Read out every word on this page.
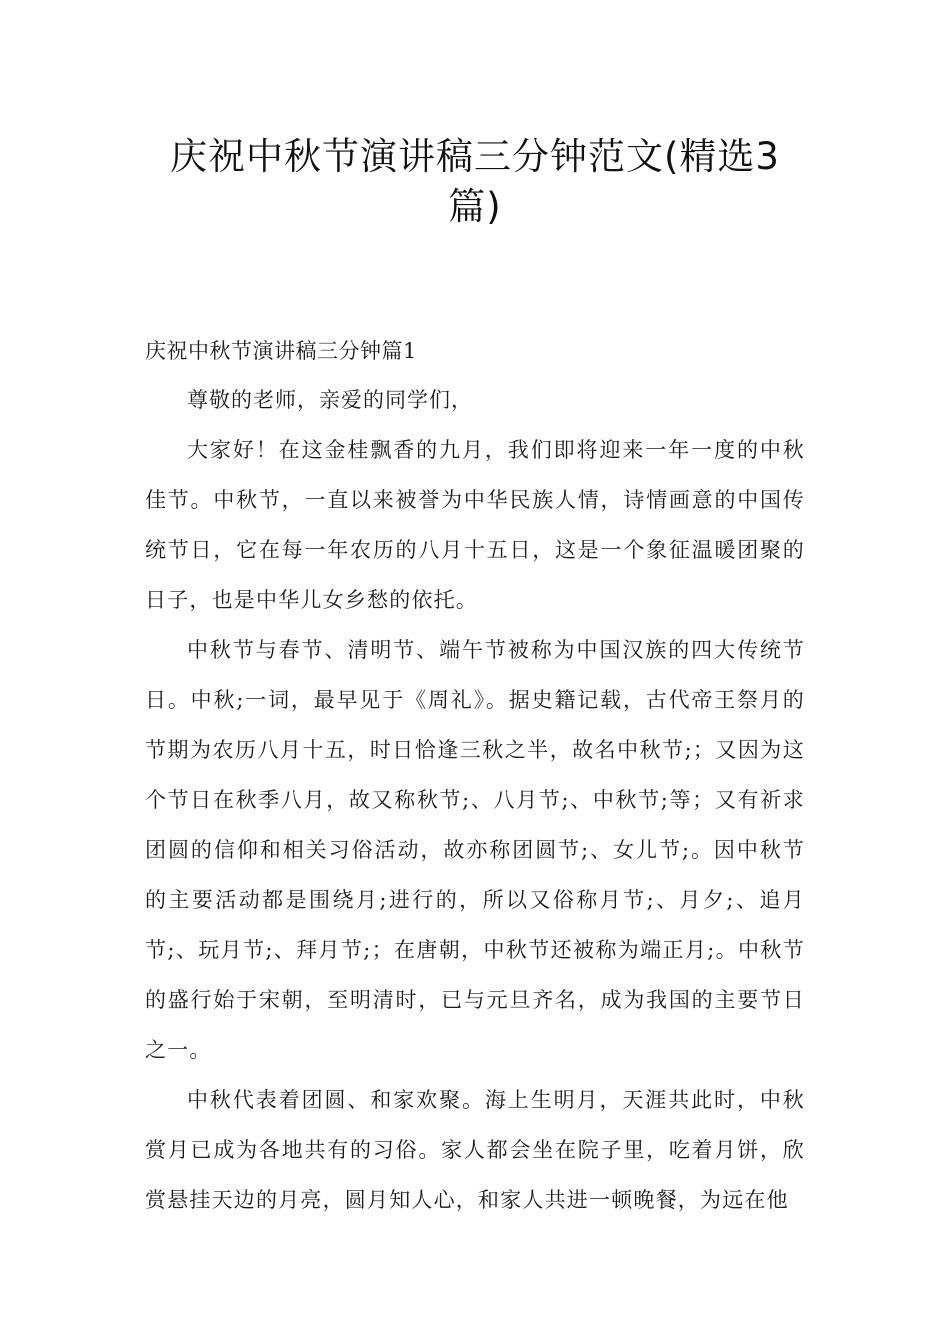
庆祝中秋节演讲稿三分钟范文(精选3篇)

庆祝中秋节演讲稿三分钟篇1

尊敬的老师，亲爱的同学们，

大家好！在这金桂飘香的九月，我们即将迎来一年一度的中秋佳节。中秋节，一直以来被誉为中华民族人情，诗情画意的中国传统节日，它在每一年农历的八月十五日，这是一个象征温暖团聚的日子，也是中华儿女乡愁的依托。

中秋节与春节、清明节、端午节被称为中国汉族的四大传统节日。中秋;一词，最早见于《周礼》。据史籍记载，古代帝王祭月的节期为农历八月十五，时日恰逢三秋之半，故名中秋节;；又因为这个节日在秋季八月，故又称秋节;、八月节;、中秋节;等；又有祈求团圆的信仰和相关习俗活动，故亦称团圆节;、女儿节;。因中秋节的主要活动都是围绕月;进行的，所以又俗称月节;、月夕;、追月节;、玩月节;、拜月节;；在唐朝，中秋节还被称为端正月;。中秋节的盛行始于宋朝，至明清时，已与元旦齐名，成为我国的主要节日之一。

中秋代表着团圆、和家欢聚。海上生明月，天涯共此时，中秋赏月已成为各地共有的习俗。家人都会坐在院子里，吃着月饼，欣赏悬挂天边的月亮，圆月知人心，和家人共进一顿晚餐，为远在他
